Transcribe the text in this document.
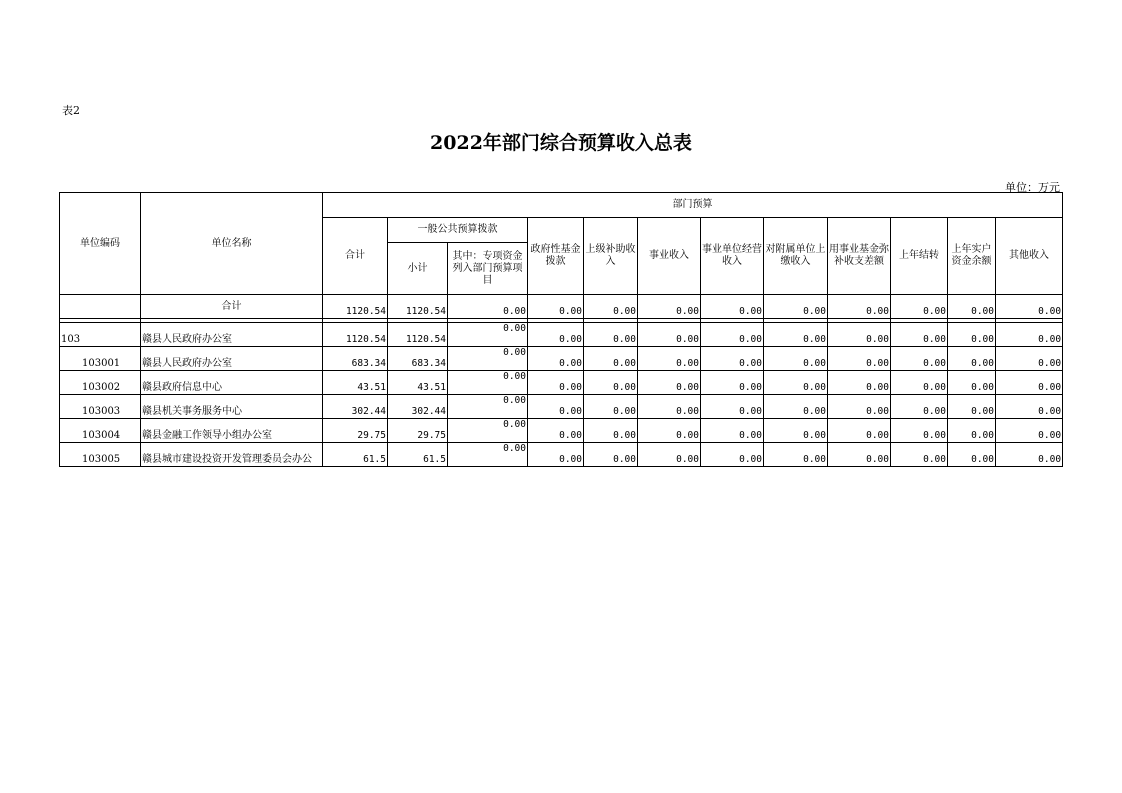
表2
2022年部门综合预算收入总表
单位：万元
单位编码	单位名称	部门预算											
		合计	一般公共预算拨款		政府性基金拨款	上级补助收入	事业收入	事业单位经营收入	对附属单位上缴收入	用事业基金弥补收支差额	上年结转	上年实户资金余额	其他收入
			小计	其中：专项资金列入部门预算项目									
	合计	1120.54	1120.54	0.00	0.00	0.00	0.00	0.00	0.00	0.00	0.00	0.00	0.00

103	赣县人民政府办公室	1120.54	1120.54	0.00	0.00	0.00	0.00	0.00	0.00	0.00	0.00	0.00	0.00
103001	赣县人民政府办公室	683.34	683.34	0.00	0.00	0.00	0.00	0.00	0.00	0.00	0.00	0.00	0.00
103002	赣县政府信息中心	43.51	43.51	0.00	0.00	0.00	0.00	0.00	0.00	0.00	0.00	0.00	0.00
103003	赣县机关事务服务中心	302.44	302.44	0.00	0.00	0.00	0.00	0.00	0.00	0.00	0.00	0.00	0.00
103004	赣县金融工作领导小组办公室	29.75	29.75	0.00	0.00	0.00	0.00	0.00	0.00	0.00	0.00	0.00	0.00
103005	赣县城市建设投资开发管理委员会办公	61.5	61.5	0.00	0.00	0.00	0.00	0.00	0.00	0.00	0.00	0.00	0.00
